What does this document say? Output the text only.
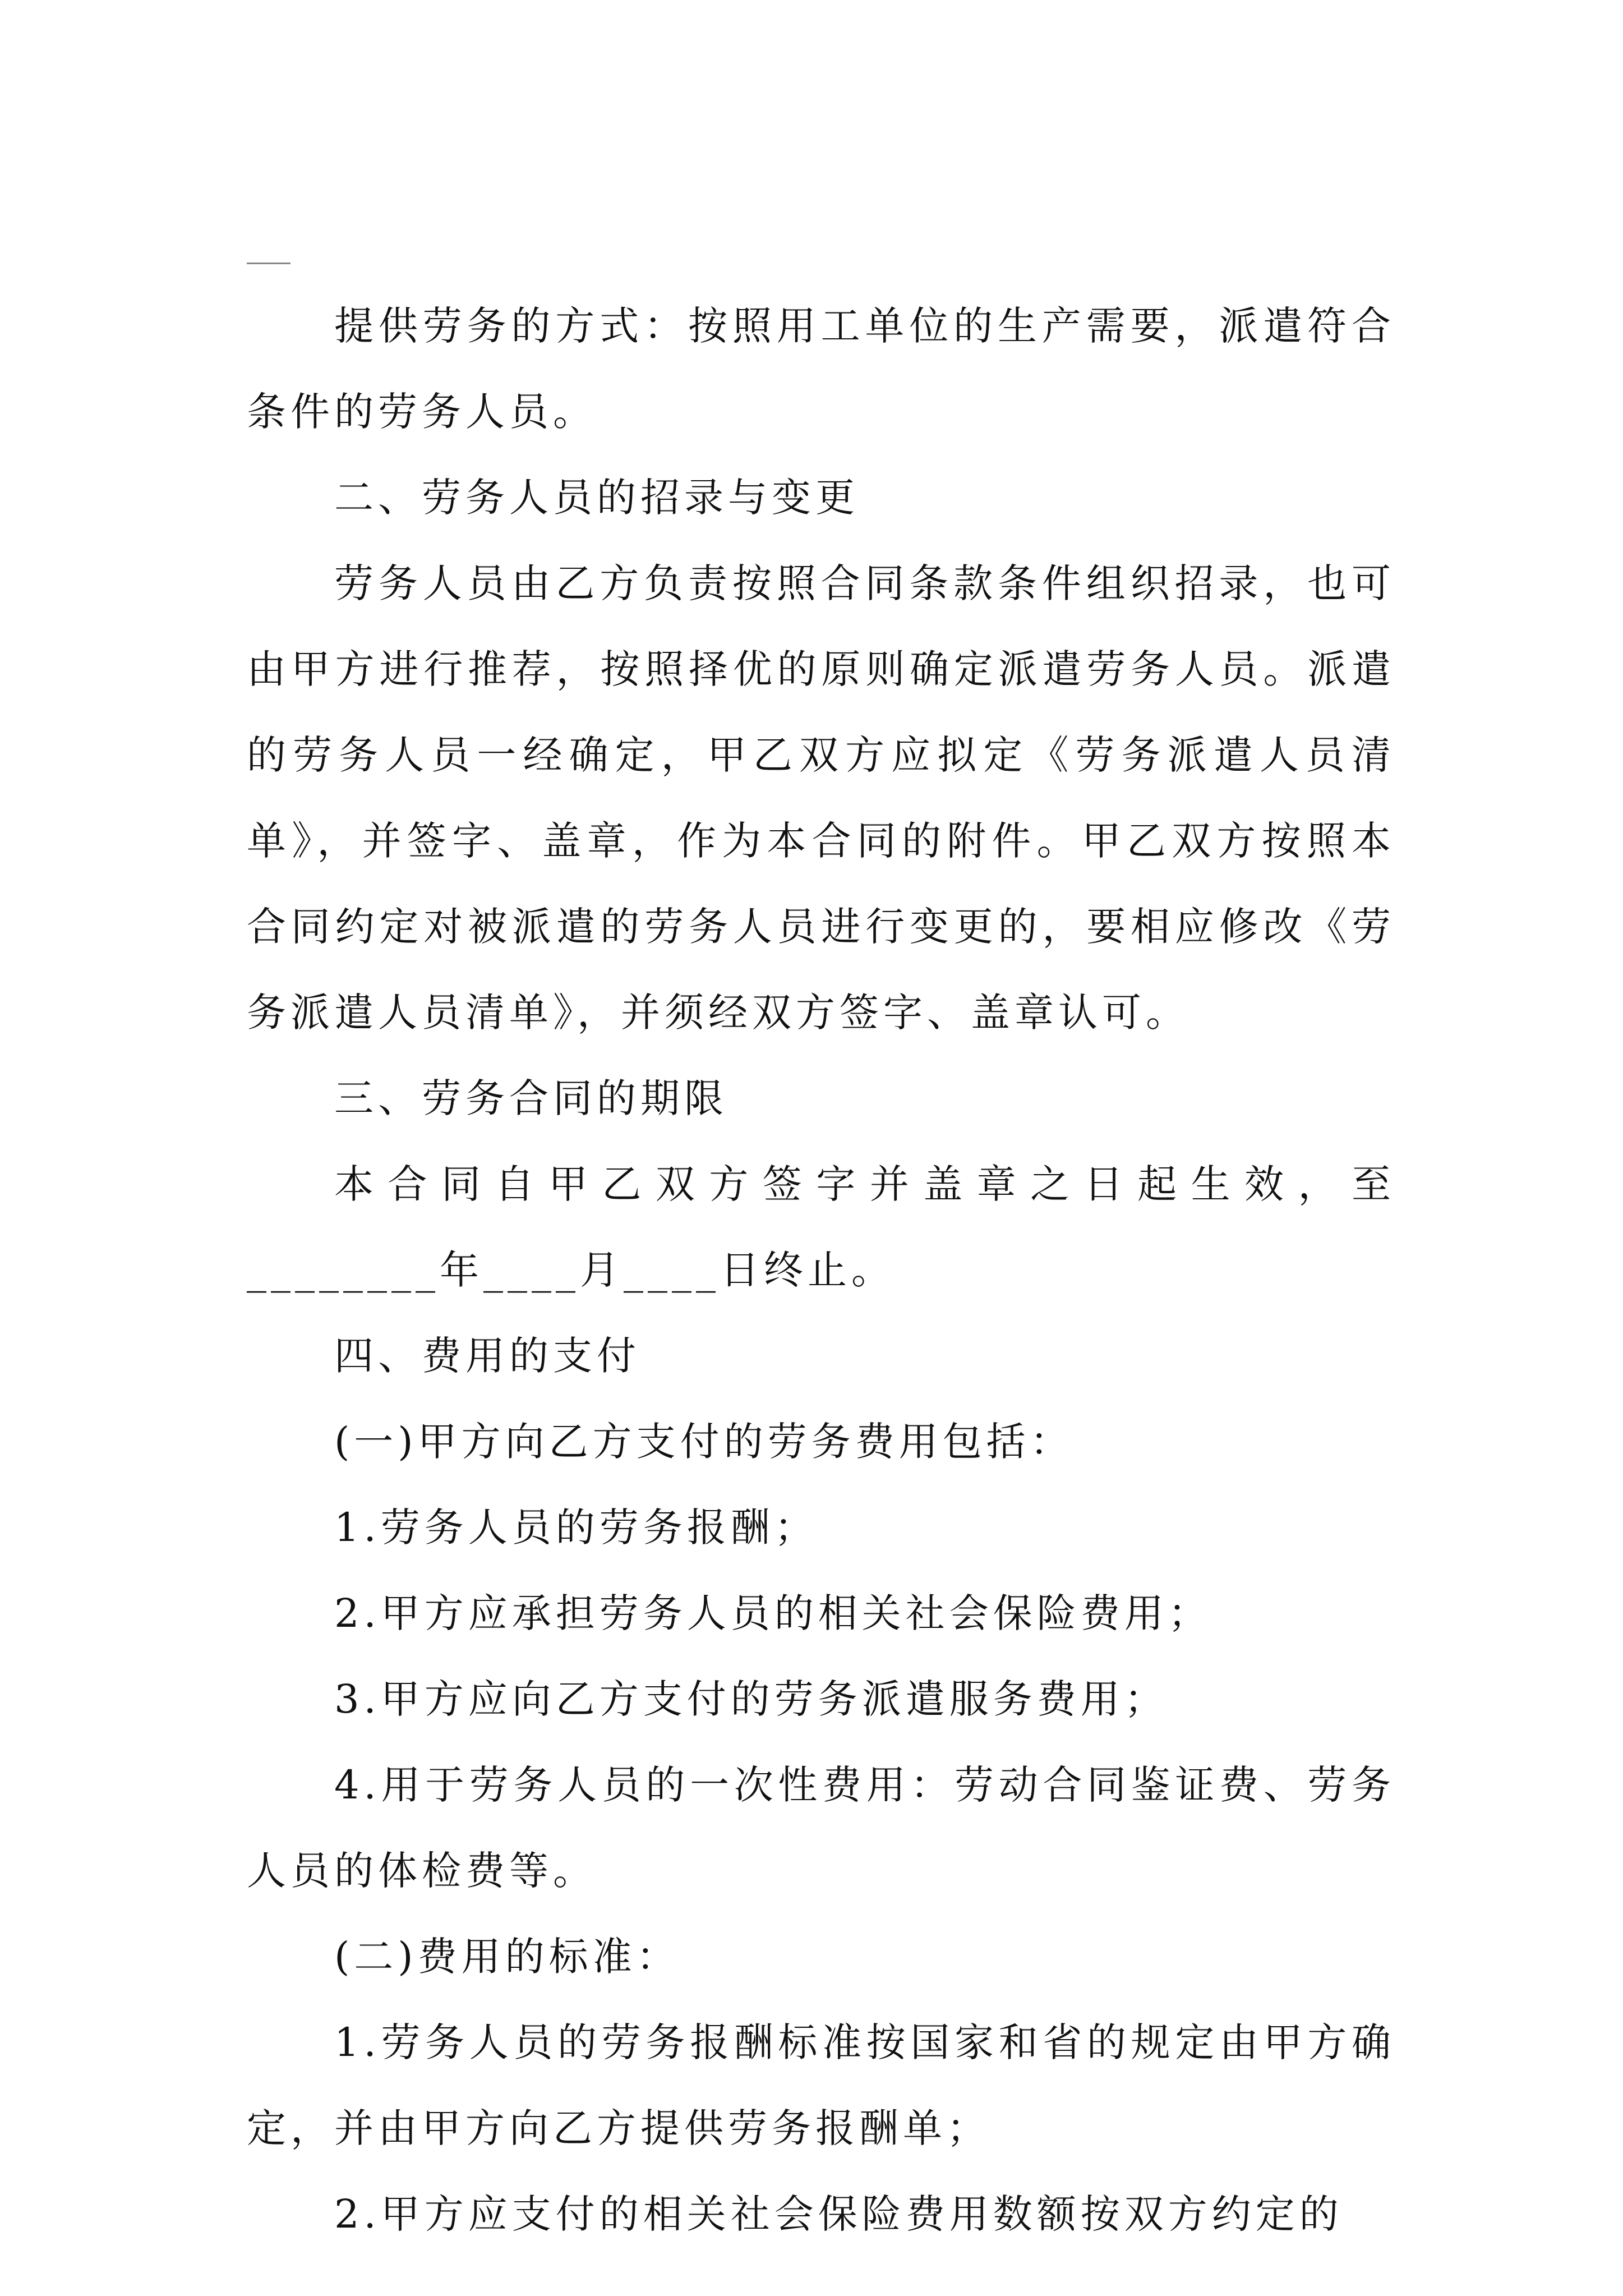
提供劳务的方式：按照用工单位的生产需要，派遣符合条件的劳务人员。

二、劳务人员的招录与变更

劳务人员由乙方负责按照合同条款条件组织招录，也可由甲方进行推荐，按照择优的原则确定派遣劳务人员。派遣的劳务人员一经确定，甲乙双方应拟定《劳务派遣人员清单》，并签字、盖章，作为本合同的附件。甲乙双方按照本合同约定对被派遣的劳务人员进行变更的，要相应修改《劳务派遣人员清单》，并须经双方签字、盖章认可。

三、劳务合同的期限

本合同自甲乙双方签字并盖章之日起生效，至________年____月____日终止。

四、费用的支付

(一)甲方向乙方支付的劳务费用包括：

1.劳务人员的劳务报酬；

2.甲方应承担劳务人员的相关社会保险费用；

3.甲方应向乙方支付的劳务派遣服务费用；

4.用于劳务人员的一次性费用：劳动合同鉴证费、劳务人员的体检费等。

(二)费用的标准：

1.劳务人员的劳务报酬标准按国家和省的规定由甲方确定，并由甲方向乙方提供劳务报酬单；

2.甲方应支付的相关社会保险费用数额按双方约定的
